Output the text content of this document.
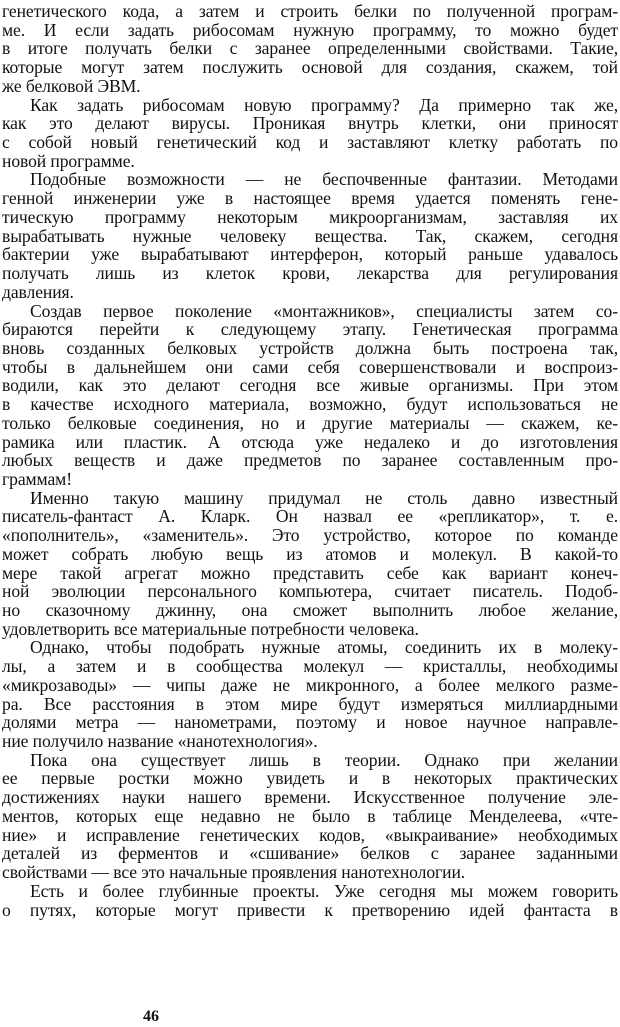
генетического кода, а затем и строить белки по полученной програм-
ме. И если задать рибосомам нужную программу, то можно будет
в итоге получать белки с заранее определенными свойствами. Такие,
которые могут затем послужить основой для создания, скажем, той
же белковой ЭВМ.
Как задать рибосомам новую программу? Да примерно так же,
как это делают вирусы. Проникая внутрь клетки, они приносят
с собой новый генетический код и заставляют клетку работать по
новой программе.
Подобные возможности — не беспочвенные фантазии. Методами
генной инженерии уже в настоящее время удается поменять гене-
тическую программу некоторым микроорганизмам, заставляя их
вырабатывать нужные человеку вещества. Так, скажем, сегодня
бактерии уже вырабатывают интерферон, который раньше удавалось
получать лишь из клеток крови, лекарства для регулирования
давления.
Создав первое поколение «монтажников», специалисты затем со-
бираются перейти к следующему этапу. Генетическая программа
вновь созданных белковых устройств должна быть построена так,
чтобы в дальнейшем они сами себя совершенствовали и воспроиз-
водили, как это делают сегодня все живые организмы. При этом
в качестве исходного материала, возможно, будут использоваться не
только белковые соединения, но и другие материалы — скажем, ке-
рамика или пластик. А отсюда уже недалеко и до изготовления
любых веществ и даже предметов по заранее составленным про-
граммам!
Именно такую машину придумал не столь давно известный
писатель-фантаст А. Кларк. Он назвал ее «репликатор», т. е.
«пополнитель», «заменитель». Это устройство, которое по команде
может собрать любую вещь из атомов и молекул. В какой-то
мере такой агрегат можно представить себе как вариант конеч-
ной эволюции персонального компьютера, считает писатель. Подоб-
но сказочному джинну, она сможет выполнить любое желание,
удовлетворить все материальные потребности человека.
Однако, чтобы подобрать нужные атомы, соединить их в молеку-
лы, а затем и в сообщества молекул — кристаллы, необходимы
«микрозаводы» — чипы даже не микронного, а более мелкого разме-
ра. Все расстояния в этом мире будут измеряться миллиардными
долями метра — нанометрами, поэтому и новое научное направле-
ние получило название «нанотехнология».
Пока она существует лишь в теории. Однако при желании
ее первые ростки можно увидеть и в некоторых практических
достижениях науки нашего времени. Искусственное получение эле-
ментов, которых еще недавно не было в таблице Менделеева, «чте-
ние» и исправление генетических кодов, «выкраивание» необходимых
деталей из ферментов и «сшивание» белков с заранее заданными
свойствами — все это начальные проявления нанотехнологии.
Есть и более глубинные проекты. Уже сегодня мы можем говорить
о путях, которые могут привести к претворению идей фантаста в
46
